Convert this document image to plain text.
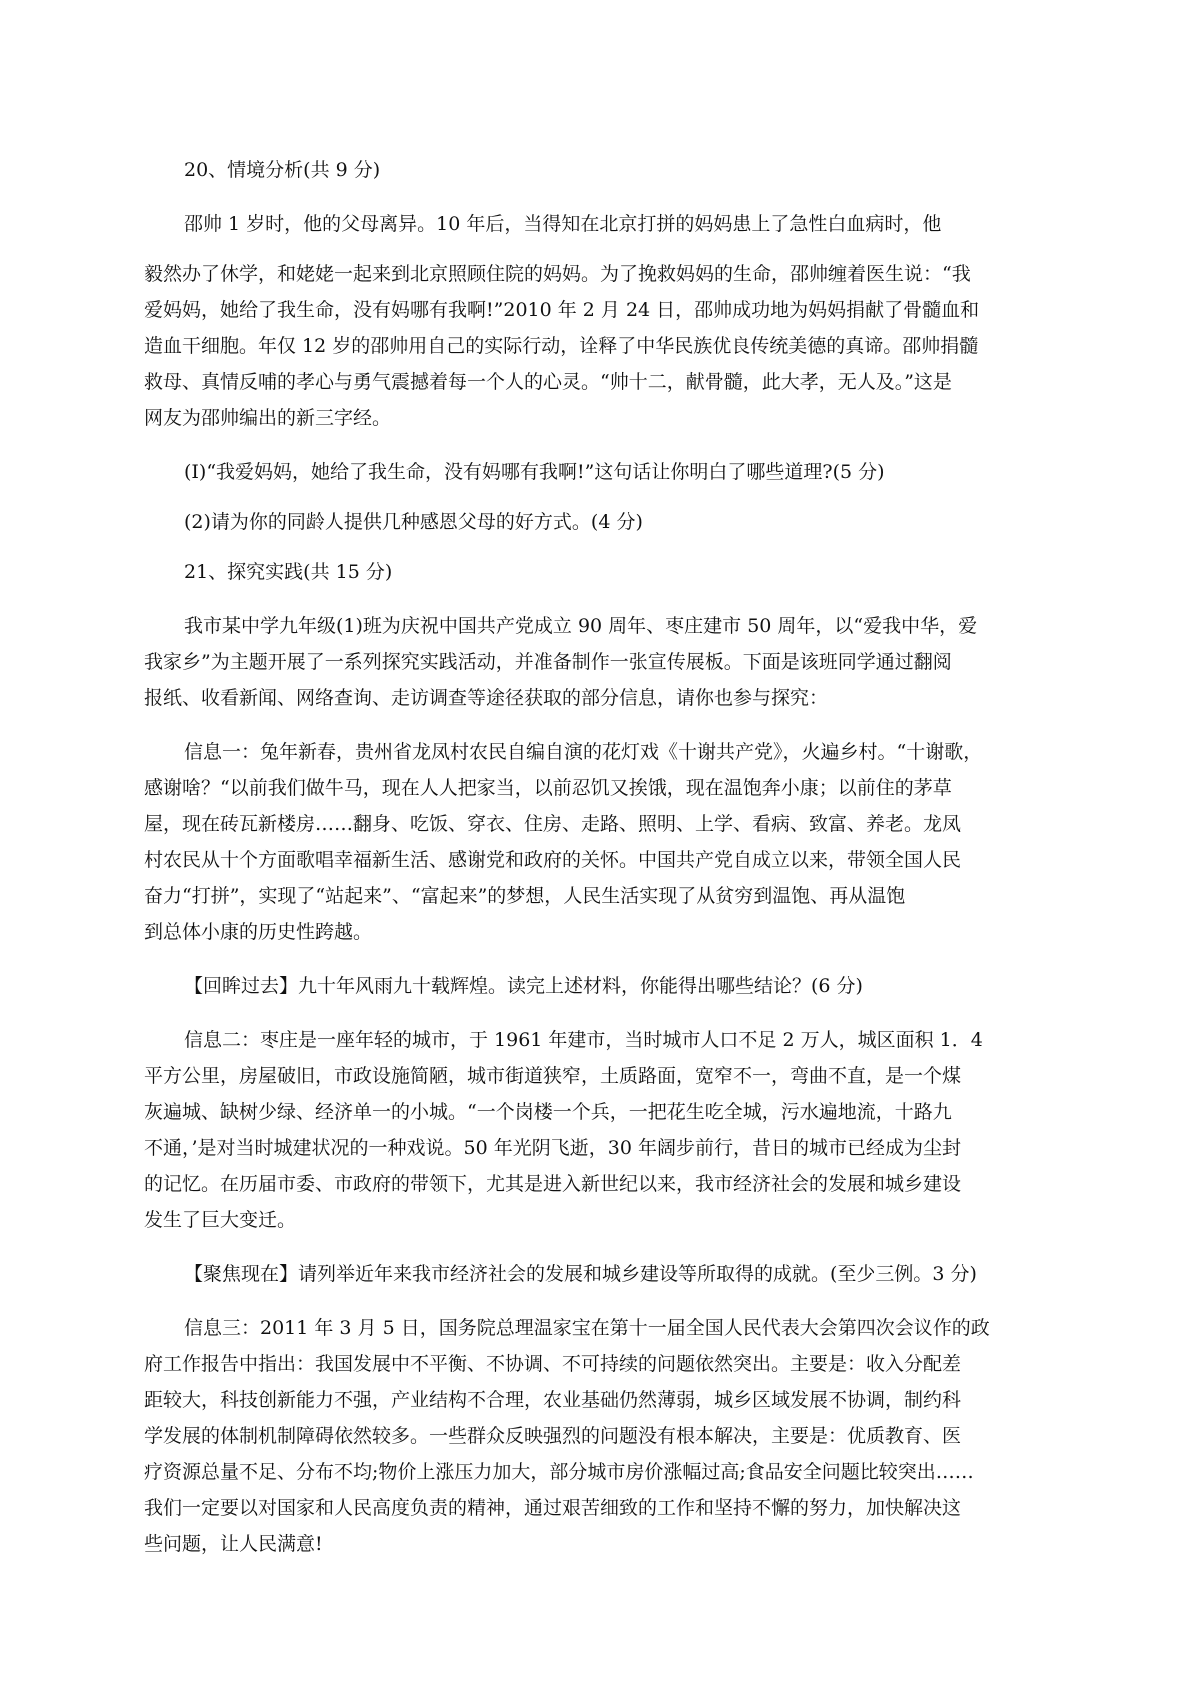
20、情境分析(共 9 分)

邵帅 1 岁时，他的父母离异。10 年后，当得知在北京打拼的妈妈患上了急性白血病时，他

毅然办了休学，和姥姥一起来到北京照顾住院的妈妈。为了挽救妈妈的生命，邵帅缠着医生说：“我

爱妈妈，她给了我生命，没有妈哪有我啊!”2010 年 2 月 24 日，邵帅成功地为妈妈捐献了骨髓血和

造血干细胞。年仅 12 岁的邵帅用自己的实际行动，诠释了中华民族优良传统美德的真谛。邵帅捐髓

救母、真情反哺的孝心与勇气震撼着每一个人的心灵。“帅十二，献骨髓，此大孝，无人及。”这是

网友为邵帅编出的新三字经。

(I)“我爱妈妈，她给了我生命，没有妈哪有我啊!”这句话让你明白了哪些道理?(5 分)

(2)请为你的同龄人提供几种感恩父母的好方式。(4 分)

21、探究实践(共 15 分)

我市某中学九年级(1)班为庆祝中国共产党成立 90 周年、枣庄建市 50 周年，以“爱我中华，爱

我家乡”为主题开展了一系列探究实践活动，并准备制作一张宣传展板。下面是该班同学通过翻阅

报纸、收看新闻、网络查询、走访调查等途径获取的部分信息，请你也参与探究：

信息一：兔年新春，贵州省龙凤村农民自编自演的花灯戏《十谢共产党》，火遍乡村。“十谢歌，

感谢啥？“以前我们做牛马，现在人人把家当，以前忍饥又挨饿，现在温饱奔小康；以前住的茅草

屋，现在砖瓦新楼房……翻身、吃饭、穿衣、住房、走路、照明、上学、看病、致富、养老。龙凤

村农民从十个方面歌唱幸福新生活、感谢党和政府的关怀。中国共产党自成立以来，带领全国人民

奋力“打拼”，实现了“站起来”、“富起来”的梦想，人民生活实现了从贫穷到温饱、再从温饱

到总体小康的历史性跨越。

【回眸过去】九十年风雨九十载辉煌。读完上述材料，你能得出哪些结论？(6 分)

信息二：枣庄是一座年轻的城市，于 1961 年建市，当时城市人口不足 2 万人，城区面积 1．4

平方公里，房屋破旧，市政设施简陋，城市街道狭窄，土质路面，宽窄不一，弯曲不直，是一个煤

灰遍城、缺树少绿、经济单一的小城。“一个岗楼一个兵，一把花生吃全城，污水遍地流，十路九

不通，’是对当时城建状况的一种戏说。50 年光阴飞逝，30 年阔步前行，昔日的城市已经成为尘封

的记忆。在历届市委、市政府的带领下，尤其是进入新世纪以来，我市经济社会的发展和城乡建设

发生了巨大变迁。

【聚焦现在】请列举近年来我市经济社会的发展和城乡建设等所取得的成就。(至少三例。3 分)

信息三：2011 年 3 月 5 日，国务院总理温家宝在第十一届全国人民代表大会第四次会议作的政

府工作报告中指出：我国发展中不平衡、不协调、不可持续的问题依然突出。主要是：收入分配差

距较大，科技创新能力不强，产业结构不合理，农业基础仍然薄弱，城乡区域发展不协调，制约科

学发展的体制机制障碍依然较多。一些群众反映强烈的问题没有根本解决，主要是：优质教育、医

疗资源总量不足、分布不均;物价上涨压力加大，部分城市房价涨幅过高;食品安全问题比较突出……

我们一定要以对国家和人民高度负责的精神，通过艰苦细致的工作和坚持不懈的努力，加快解决这

些问题，让人民满意!
